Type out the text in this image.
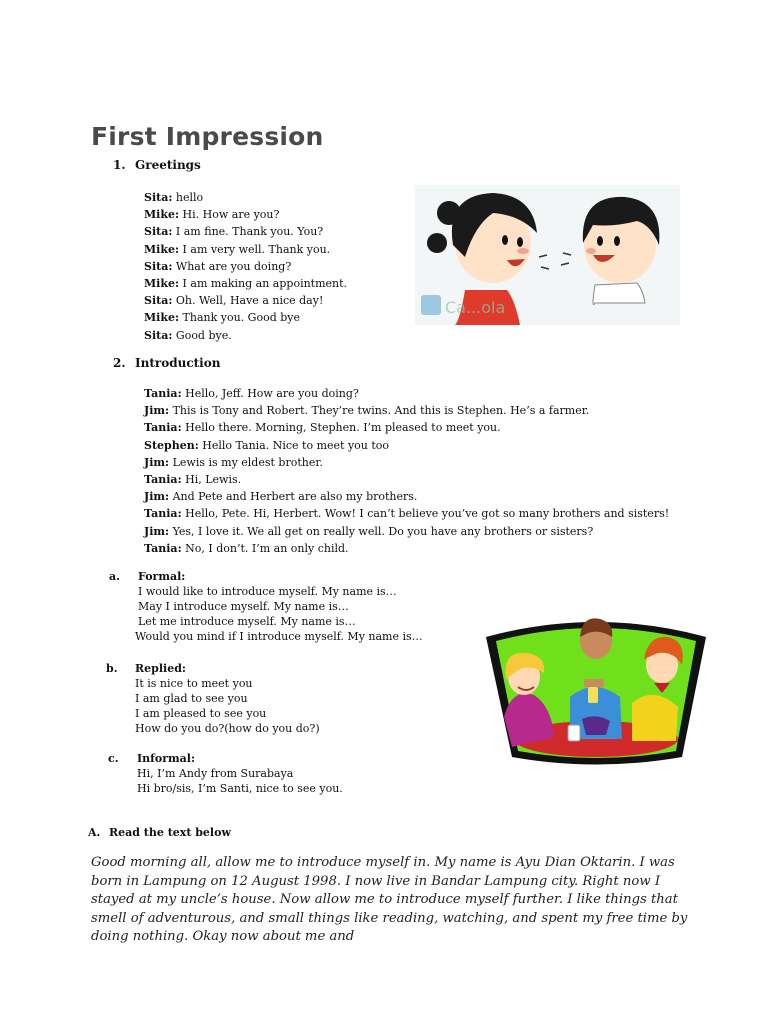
First Impression
1. Greetings
Sita: hello
Mike: Hi. How are you?
Sita: I am fine. Thank you. You?
Mike: I am very well. Thank you.
Sita: What are you doing?
Mike: I am making an appointment.
Sita: Oh. Well, Have a nice day!
Mike: Thank you. Good bye
Sita: Good bye.
Ca...ola
2. Introduction
Tania: Hello, Jeff. How are you doing?
Jim: This is Tony and Robert. They’re twins. And this is Stephen. He’s a farmer.
Tania: Hello there. Morning, Stephen. I’m pleased to meet you.
Stephen: Hello Tania. Nice to meet you too
Jim: Lewis is my eldest brother.
Tania: Hi, Lewis.
Jim: And Pete and Herbert are also my brothers.
Tania: Hello, Pete. Hi, Herbert. Wow! I can’t believe you’ve got so many brothers and sisters!
Jim: Yes, I love it. We all get on really well. Do you have any brothers or sisters?
Tania: No, I don’t. I’m an only child.
a. Formal:
I would like to introduce myself. My name is…
May I introduce myself. My name is…
Let me introduce myself. My name is…
Would you mind if I introduce myself. My name is…
b. Replied:
It is nice to meet you
I am glad to see you
I am pleased to see you
How do you do?(how do you do?)
c. Informal:
Hi, I’m Andy from Surabaya
Hi bro/sis, I’m Santi, nice to see you.
A. Read the text below
Good morning all, allow me to introduce myself in. My name is Ayu Dian Oktarin. I was born in Lampung on 12 August 1998. I now live in Bandar Lampung city. Right now I stayed at my uncle’s house. Now allow me to introduce myself further. I like things that smell of adventurous, and small things like reading, watching, and spent my free time by doing nothing. Okay now about me and
